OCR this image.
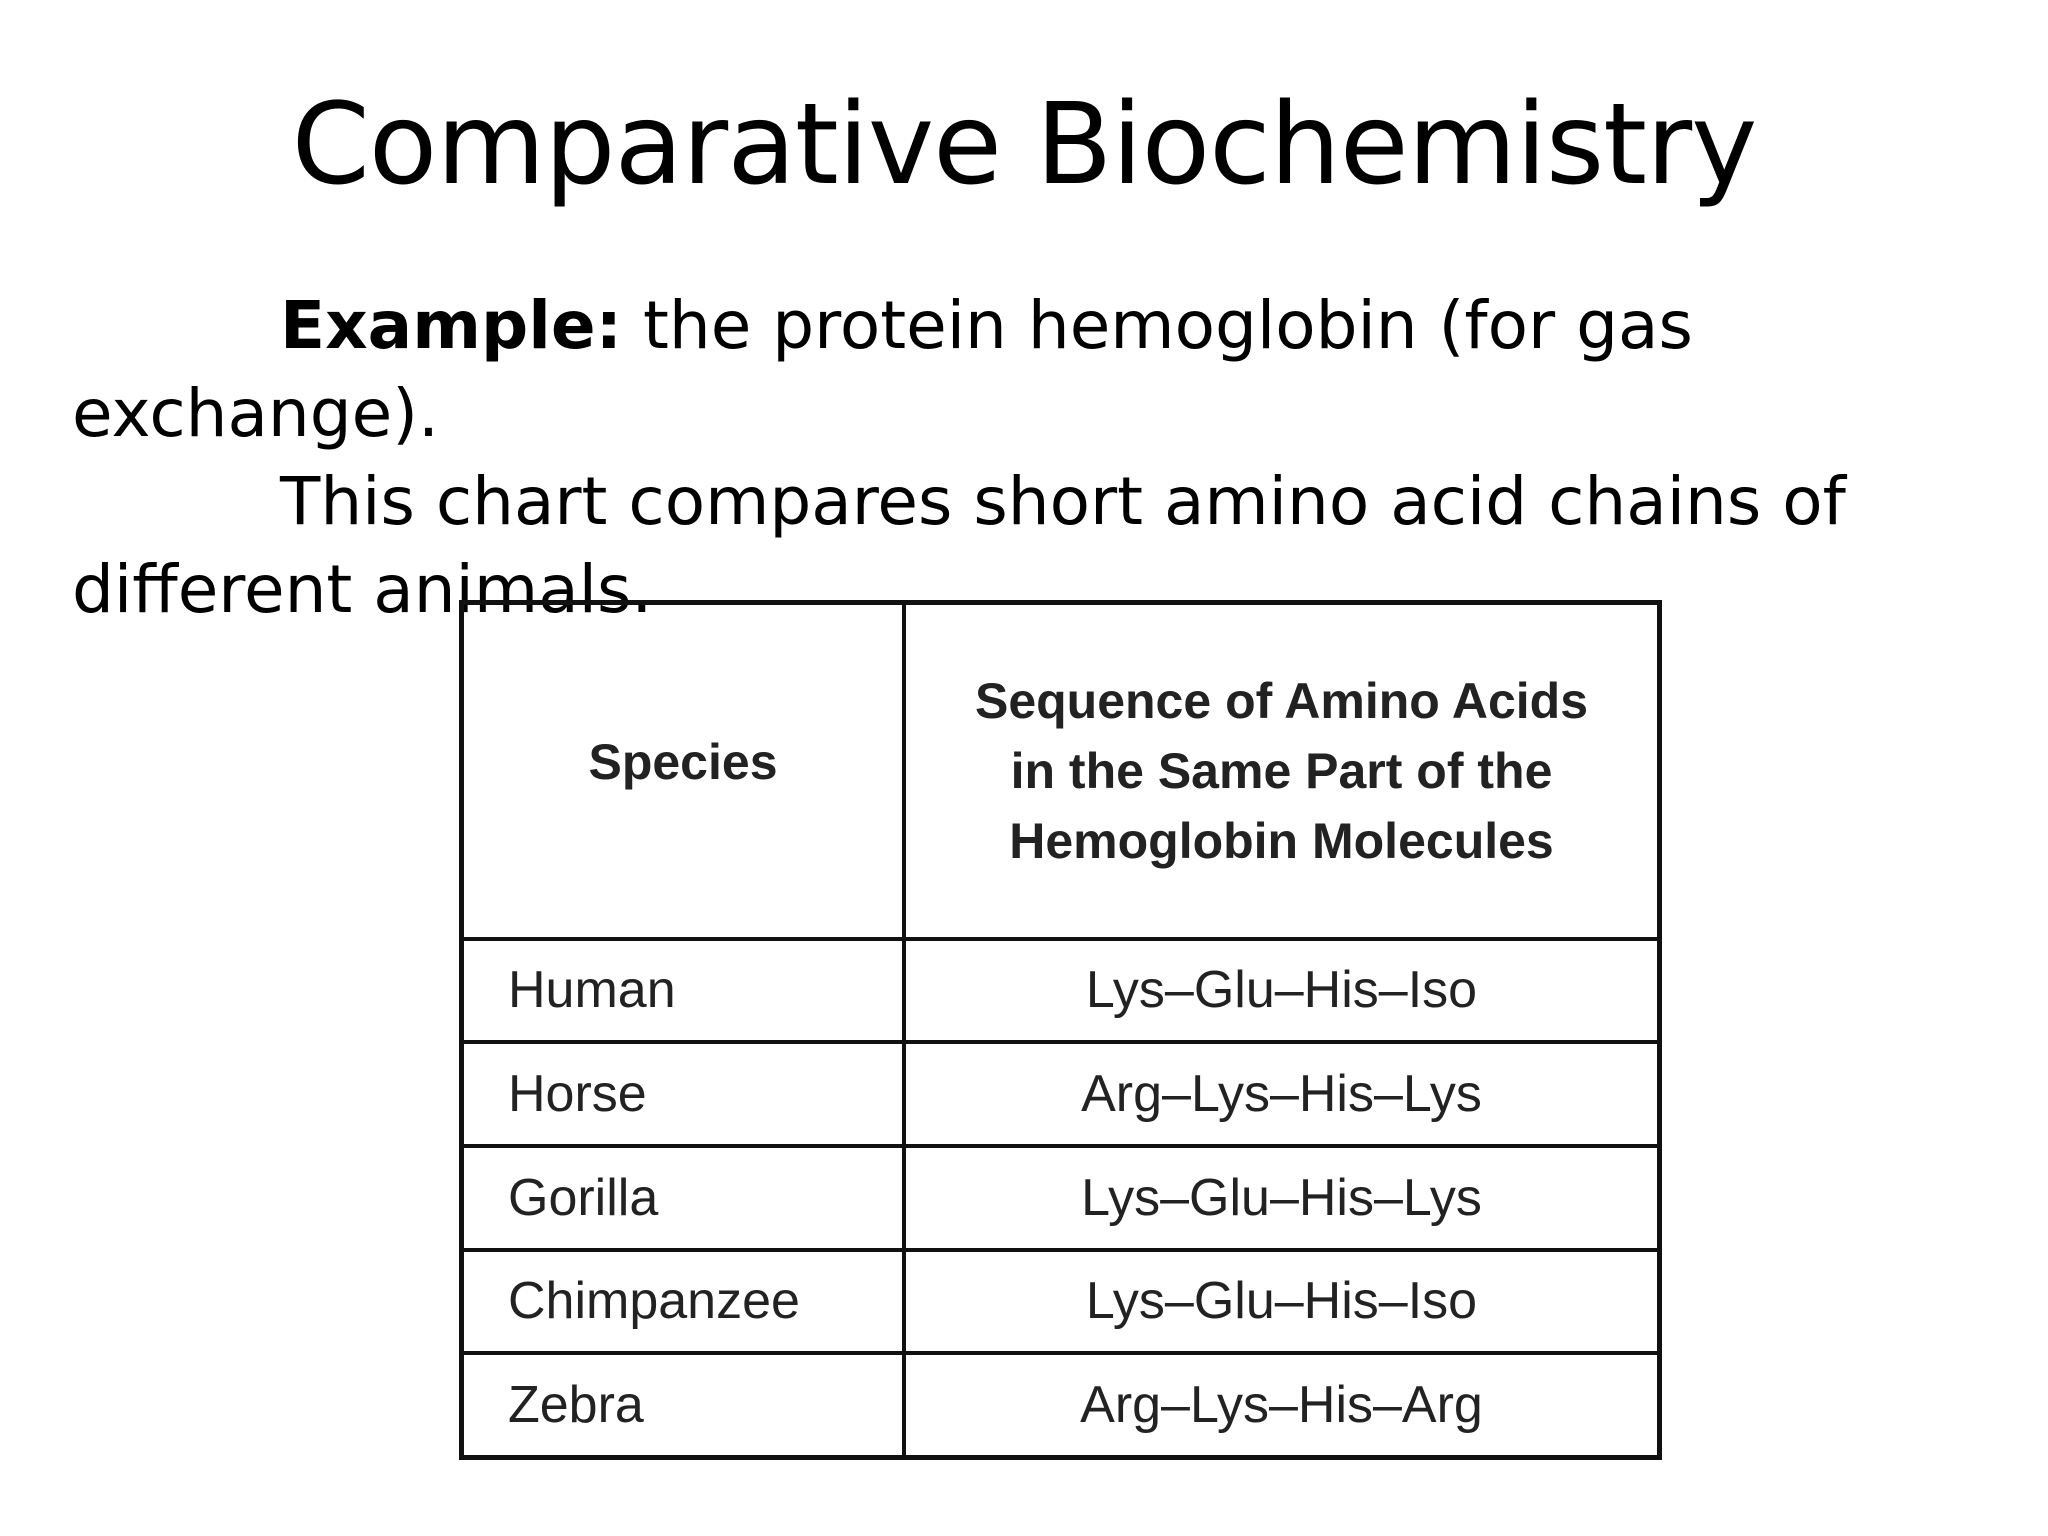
Comparative Biochemistry
Example: the protein hemoglobin (for gas exchange).
This chart compares short amino acid chains of
different animals.
Species	Sequence of Amino Acids in the Same Part of the Hemoglobin Molecules
Human	Lys–Glu–His–Iso
Horse	Arg–Lys–His–Lys
Gorilla	Lys–Glu–His–Lys
Chimpanzee	Lys–Glu–His–Iso
Zebra	Arg–Lys–His–Arg
